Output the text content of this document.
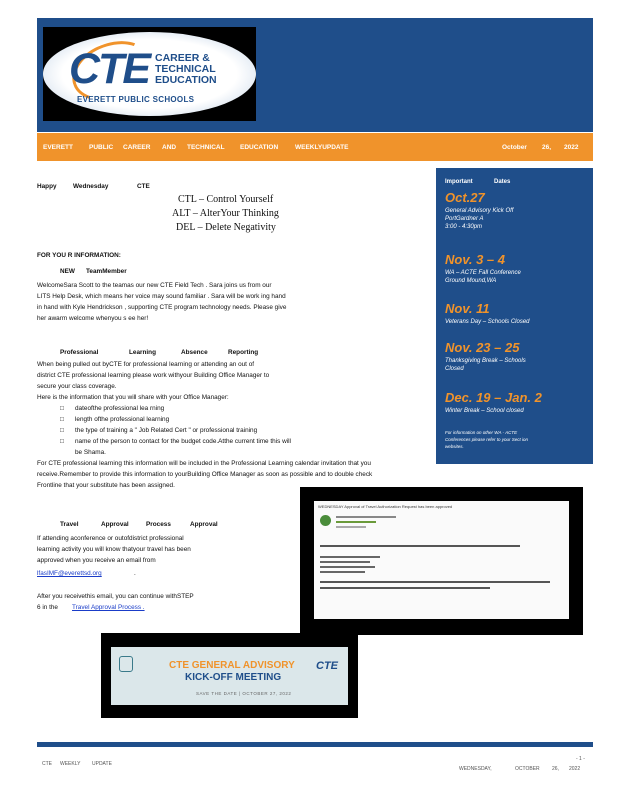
CTE CAREER &
TECHNICAL
EDUCATION
EVERETT PUBLIC SCHOOLS
EVERETT PUBLIC CAREER AND TECHNICAL EDUCATION	WEEKLYUPDATE	October 26, 2022
Important	Dates
Oct.27
General Advisory Kick Off
PortGardner A
3:00 - 4:30pm
Nov. 3 – 4
WA – ACTE Fall Conference
Ground Mound,WA
Nov. 11
Veterans Day – Schools Closed
Nov. 23 – 25
Thanksgiving Break – Schools
Closed
Dec. 19 – Jan. 2
Winter Break – School closed
For information on other WA - ACTE
Conferences please refer to your Sect ion
websites.
Happy	Wednesday	CTE
CTL – Control Yourself
ALT – AlterYour Thinking
DEL – Delete Negativity
FOR YOU R INFORMATION:
NEW TeamMember
WelcomeSara Scott to the teamas our new CTE Field Tech . Sara joins us from our
LITS Help Desk, which means her voice may sound familiar . Sara will be work ing hand
in hand with Kyle Hendrickson , supporting CTE program technology needs. Please give
her awarm welcome whenyou s ee her!
Professional	Learning	Absence	Reporting
When being pulled out byCTE for professional learning or attending an out of
district CTE professional learning please work withyour Building Office Manager to
secure your class coverage.
Here is the information that you will share with your Office Manager:
□ dateofthe professional lea rning
□ length ofthe professional learning
□ the type of training a " Job Related Cert " or professional training
□ name of the person to contact for the budget code.Atthe current time this will
be Shama.
For CTE professional learning this information will be included in the Professional Learning calendar invitation that you
receive.Remember to provide this information to yourBuilding Office Manager as soon as possible and to double check
Frontline that your substitute has been assigned.
Travel	Approval	Process	Approval
If attending aconference or outofdistrict professional
learning activity you will know thatyour travel has been
approved when you receive an email from
lfasIMF@everettsd.org	.
After you receivethis email, you can continue withSTEP
6 in the Travel Approval Process .
WEDNESDAY Approval of Travel Authorization Request has been approved
CTE GENERAL ADVISORY
KICK-OFF MEETING
SAVE THE DATE | OCTOBER 27, 2022
CTE
CTE WEEKLY UPDATE
- 1 -
WEDNESDAY,	OCTOBER 26, 2022
